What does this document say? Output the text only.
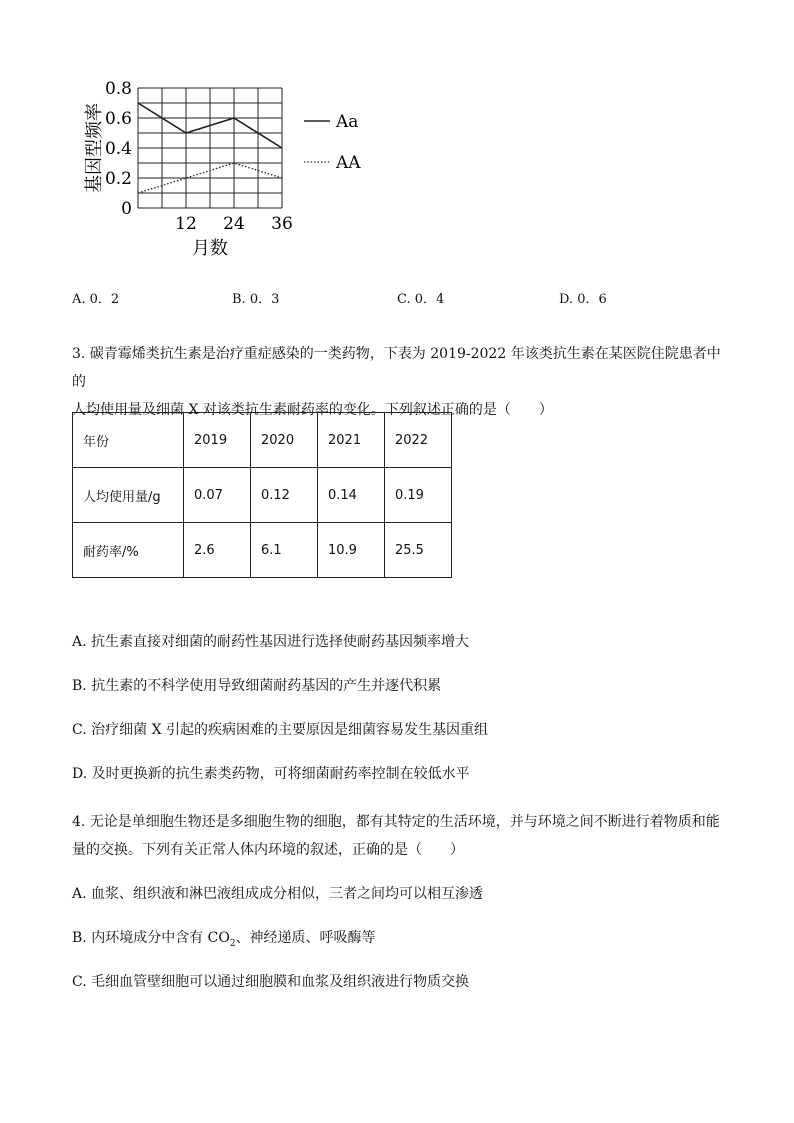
0
0.2
0.4
0.6
0.8
12 24 36
月数
基因型频率	Aa
AA
A. 0．2	B. 0．3	C. 0．4	D. 0．6
3. 碳青霉烯类抗生素是治疗重症感染的一类药物，下表为 2019-2022 年该类抗生素在某医院住院患者中的
人均使用量及细菌 X 对该类抗生素耐药率的变化。下列叙述正确的是（　　）
年份	2019	2020	2021	2022
人均使用量/g	0.07	0.12	0.14	0.19
耐药率/%	2.6	6.1	10.9	25.5
A. 抗生素直接对细菌的耐药性基因进行选择使耐药基因频率增大
B. 抗生素的不科学使用导致细菌耐药基因的产生并逐代积累
C. 治疗细菌 X 引起的疾病困难的主要原因是细菌容易发生基因重组
D. 及时更换新的抗生素类药物，可将细菌耐药率控制在较低水平
4. 无论是单细胞生物还是多细胞生物的细胞，都有其特定的生活环境，并与环境之间不断进行着物质和能
量的交换。下列有关正常人体内环境的叙述，正确的是（　　）
A. 血浆、组织液和淋巴液组成成分相似，三者之间均可以相互渗透
B. 内环境成分中含有 $CO_2$、神经递质、呼吸酶等
C. 毛细血管壁细胞可以通过细胞膜和血浆及组织液进行物质交换
